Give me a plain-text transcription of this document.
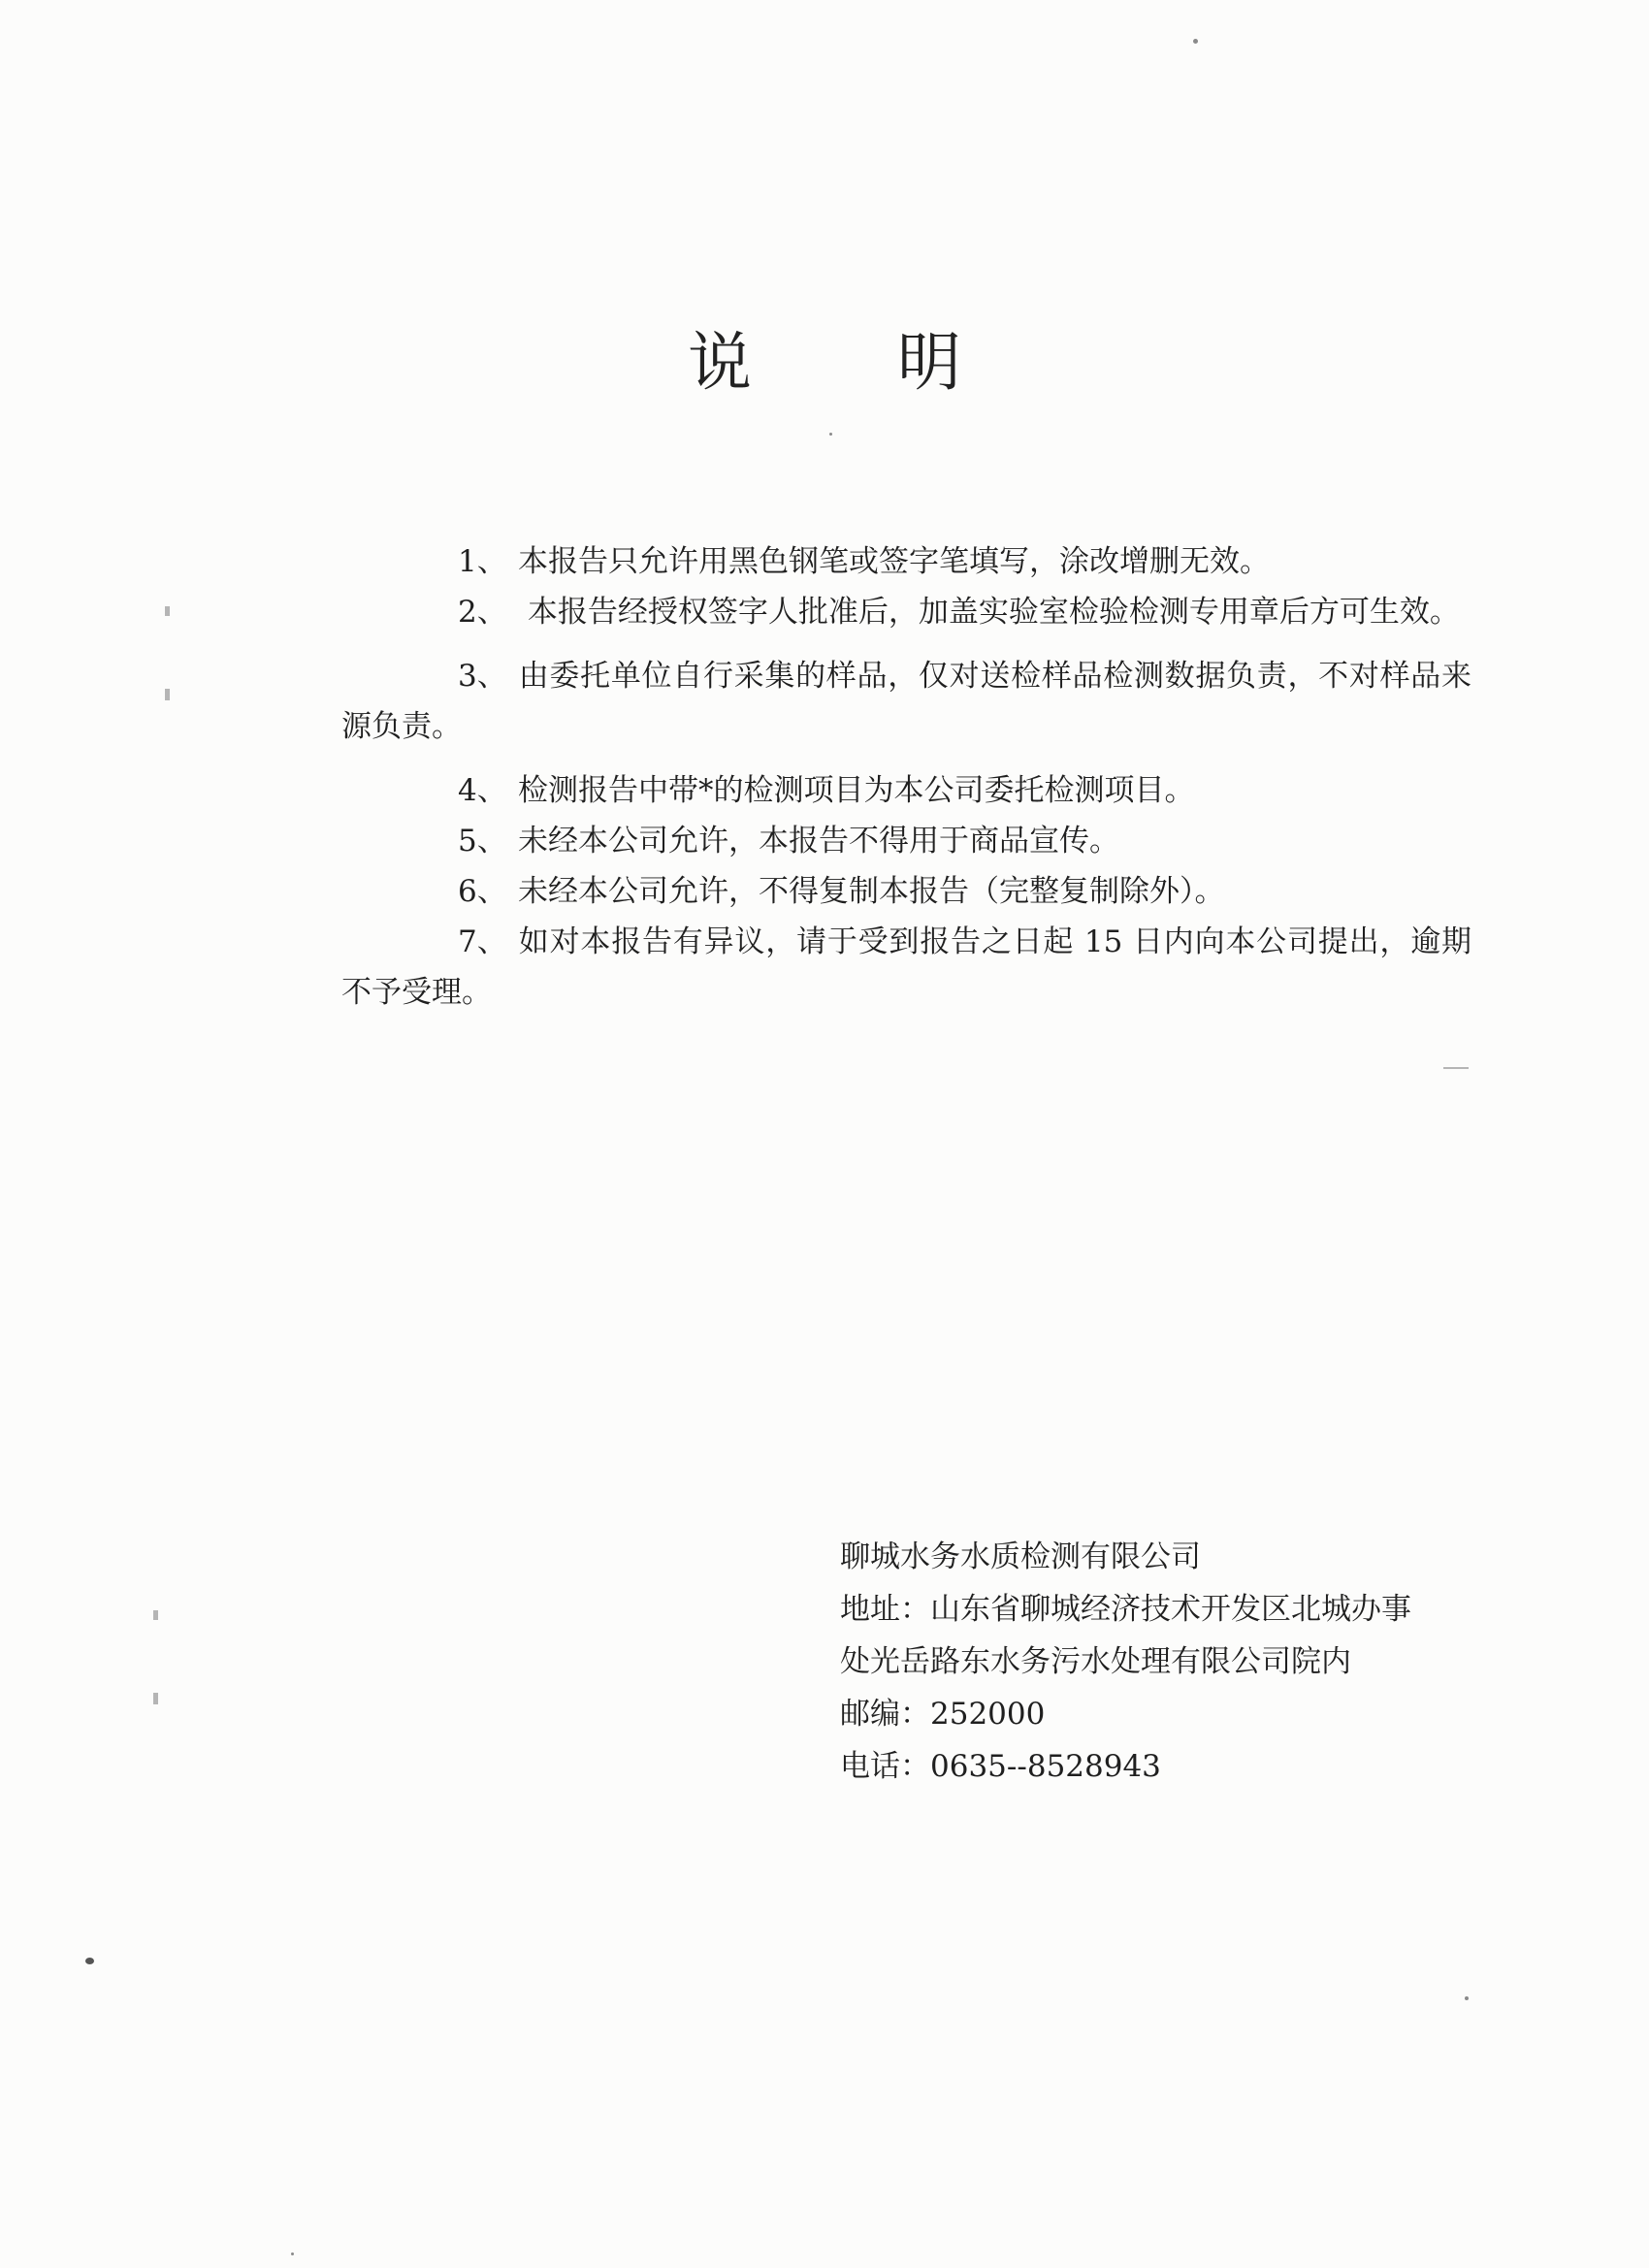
说 明

1、 本报告只允许用黑色钢笔或签字笔填写，涂改增删无效。

2、 本报告经授权签字人批准后，加盖实验室检验检测专用章后方可生效。

3、 由委托单位自行采集的样品，仅对送检样品检测数据负责，不对样品来源负责。

4、 检测报告中带*的检测项目为本公司委托检测项目。

5、 未经本公司允许，本报告不得用于商品宣传。

6、 未经本公司允许，不得复制本报告（完整复制除外）。

7、 如对本报告有异议，请于受到报告之日起 15 日内向本公司提出，逾期不予受理。

聊城水务水质检测有限公司
地址：山东省聊城经济技术开发区北城办事
处光岳路东水务污水处理有限公司院内
邮编：252000
电话：0635--8528943
